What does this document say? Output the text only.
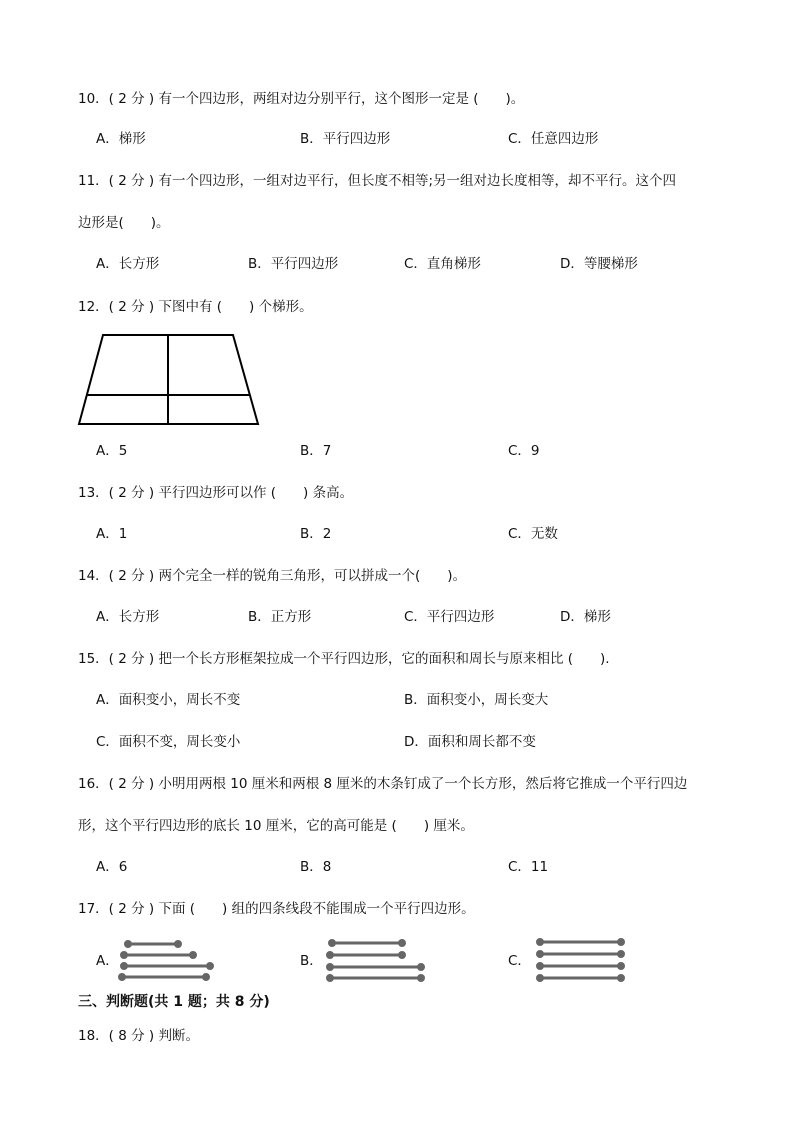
10．( 2 分 ) 有一个四边形，两组对边分别平行，这个图形一定是 (　　)。
A．梯形	B．平行四边形	C．任意四边形
11．( 2 分 ) 有一个四边形，一组对边平行，但长度不相等;另一组对边长度相等，却不平行。这个四
边形是(　　)。
A．长方形	B．平行四边形	C．直角梯形	D．等腰梯形
12．( 2 分 ) 下图中有 (　　) 个梯形。
A．5	B．7	C．9
13．( 2 分 ) 平行四边形可以作 (　　) 条高。
A．1	B．2	C．无数
14．( 2 分 ) 两个完全一样的锐角三角形，可以拼成一个(　　)。
A．长方形	B．正方形	C．平行四边形	D．梯形
15．( 2 分 ) 把一个长方形框架拉成一个平行四边形，它的面积和周长与原来相比 (　　).
A．面积变小，周长不变	B．面积变小，周长变大
C．面积不变，周长变小	D．面积和周长都不变
16．( 2 分 ) 小明用两根 10 厘米和两根 8 厘米的木条钉成了一个长方形，然后将它推成一个平行四边
形，这个平行四边形的底长 10 厘米，它的高可能是 (　　) 厘米。
A．6	B．8	C．11
17．( 2 分 ) 下面 (　　) 组的四条线段不能围成一个平行四边形。
A．	B．	C．
三、判断题(共 1 题；共 8 分)
18．( 8 分 ) 判断。
